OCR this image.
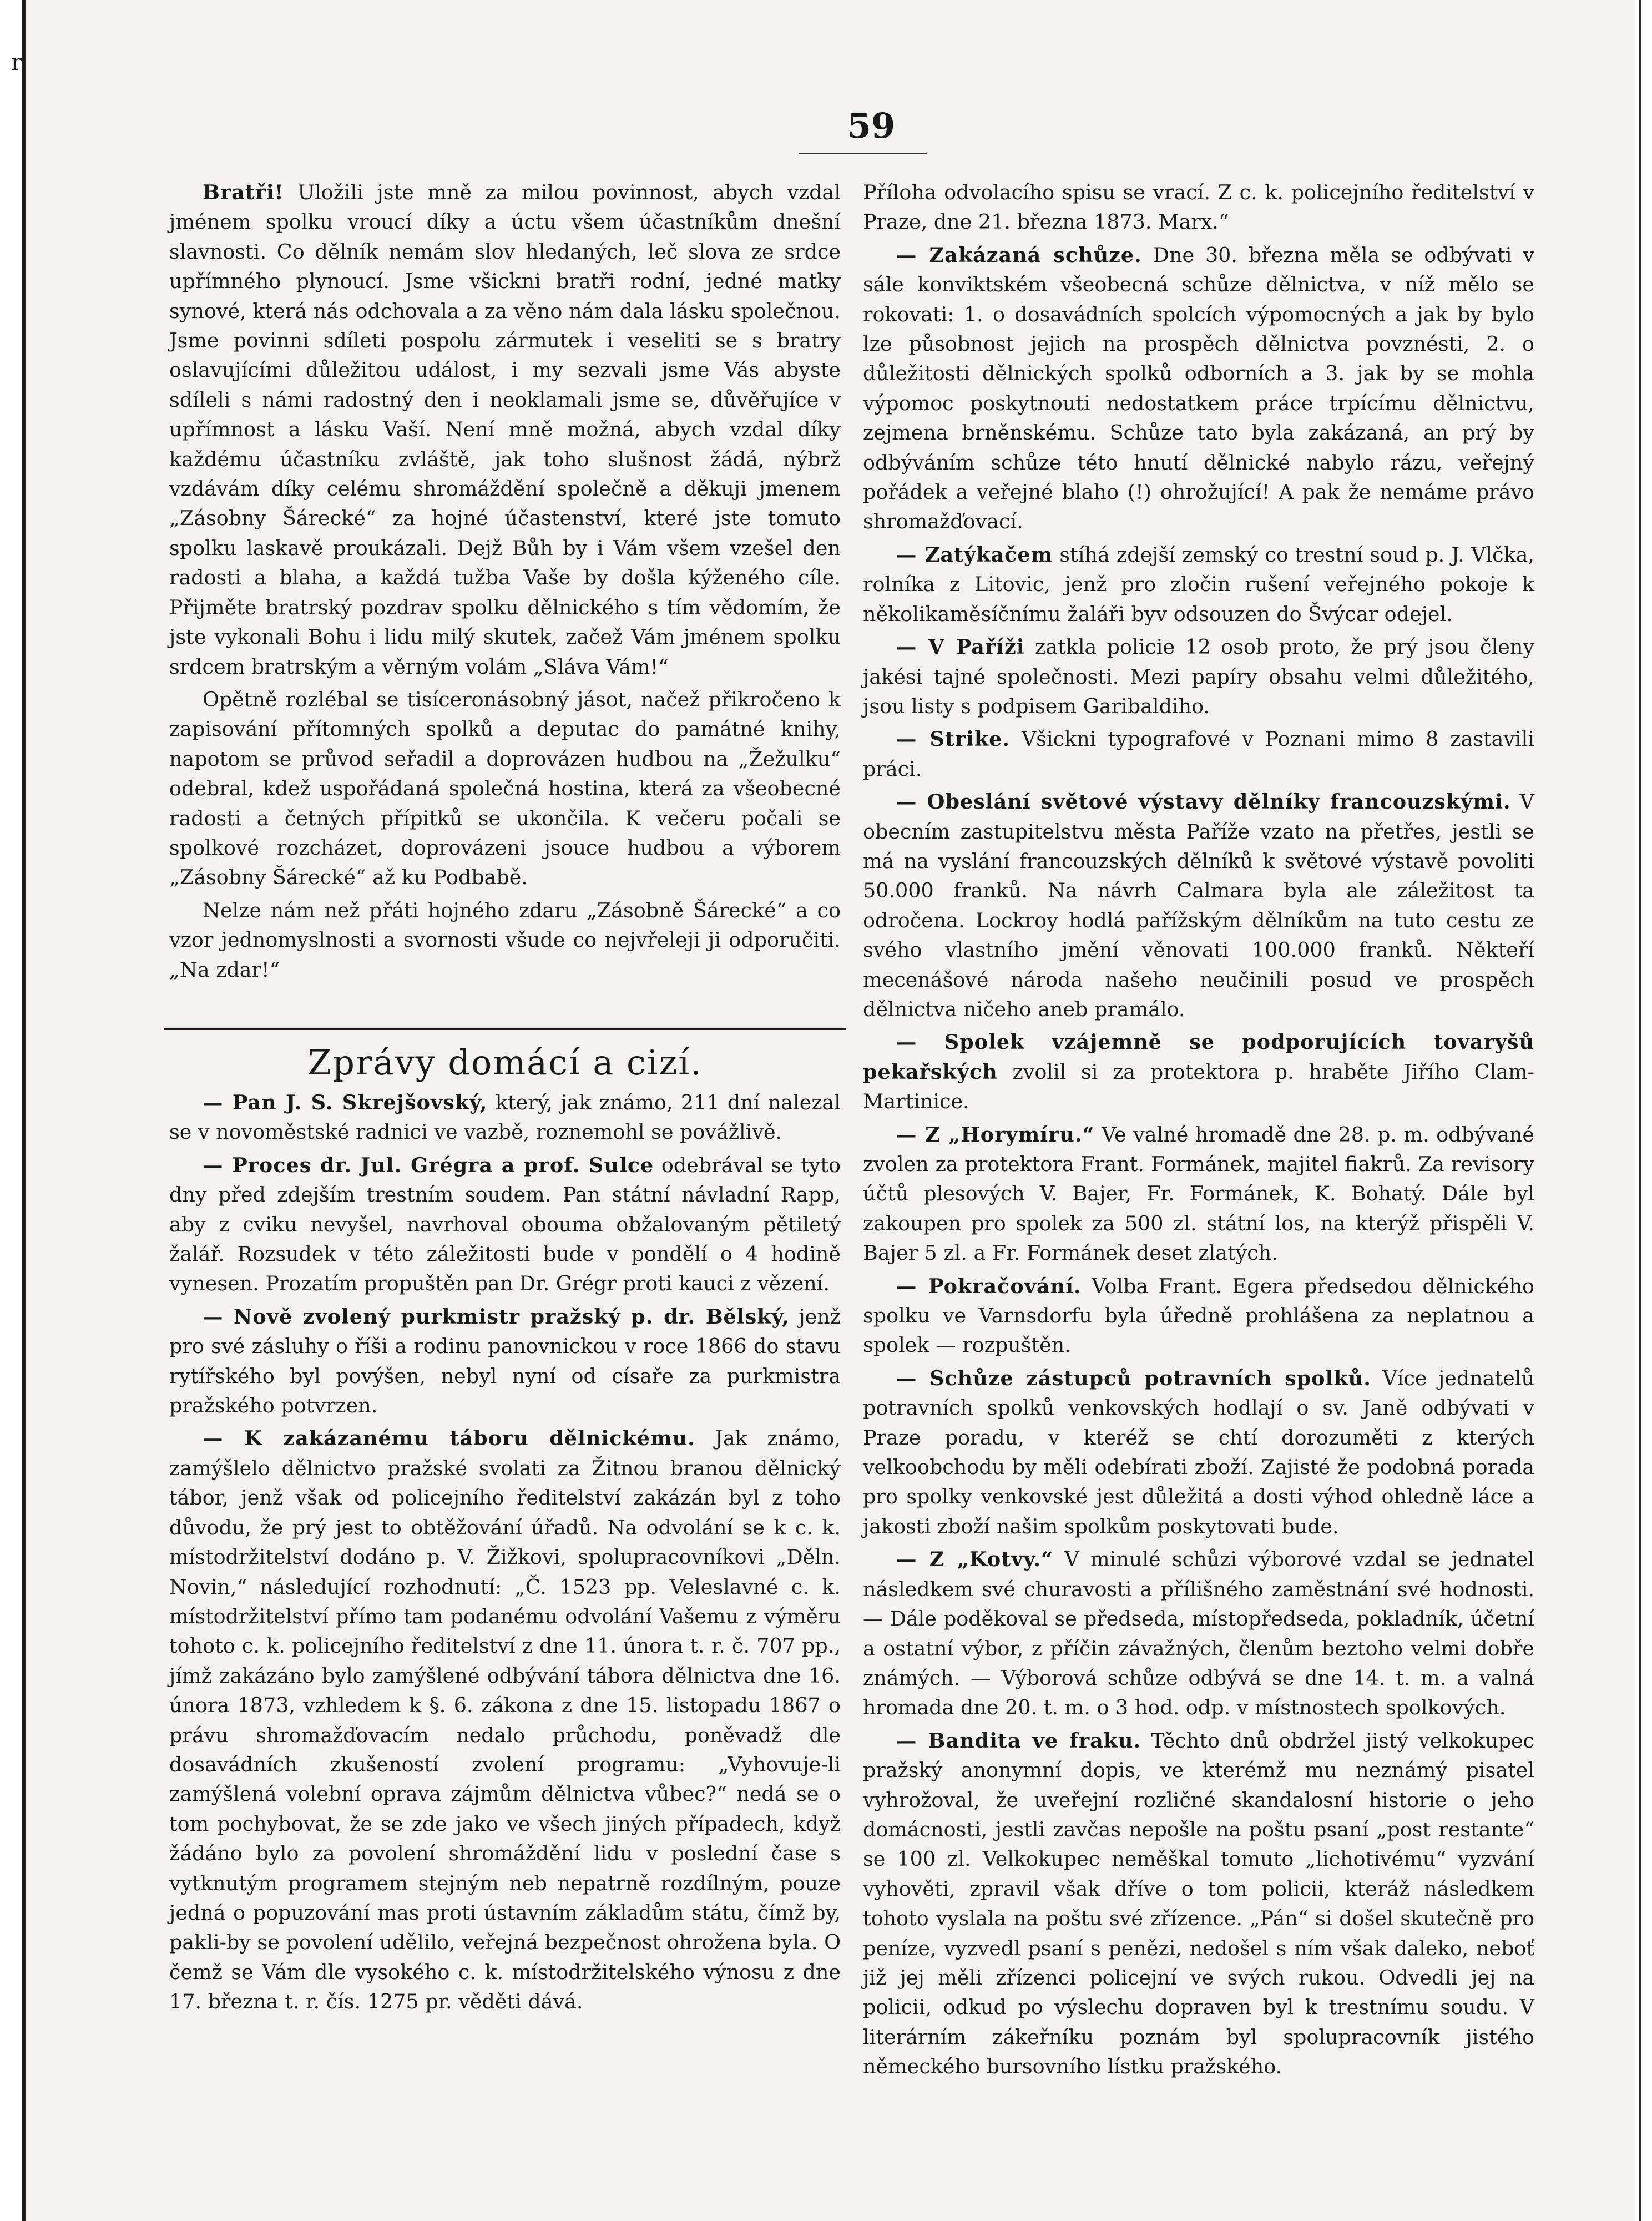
r
59

Bratři! Uložili jste mně za milou povinnost, abych vzdal jménem spolku vroucí díky a úctu všem účastníkům dnešní slavnosti. Co dělník nemám slov hledaných, leč slova ze srdce upřímného plynoucí. Jsme všickni bratři rodní, jedné matky synové, která nás odchovala a za věno nám dala lásku společnou. Jsme povinni sdíleti pospolu zármutek i veseliti se s bratry oslavujícími důležitou událost, i my sezvali jsme Vás abyste sdíleli s námi radostný den i neoklamali jsme se, důvěřujíce v upřímnost a lásku Vaší. Není mně možná, abych vzdal díky každému účastníku zvláště, jak toho slušnost žádá, nýbrž vzdávám díky celému shromáždění společně a děkuji jmenem „Zásobny Šárecké“ za hojné účastenství, které jste tomuto spolku laskavě proukázali. Dejž Bůh by i Vám všem vzešel den radosti a blaha, a každá tužba Vaše by došla kýženého cíle. Přijměte bratrský pozdrav spolku dělnického s tím vědomím, že jste vykonali Bohu i lidu milý skutek, začež Vám jménem spolku srdcem bratrským a věrným volám „Sláva Vám!“

Opětně rozlébal se tisíceronásobný jásot, načež přikročeno k zapisování přítomných spolků a deputac do památné knihy, napotom se průvod seřadil a doprovázen hudbou na „Žežulku“ odebral, kdež uspořádaná společná hostina, která za všeobecné radosti a četných přípitků se ukončila. K večeru počali se spolkové rozcházet, doprovázeni jsouce hudbou a výborem „Zásobny Šárecké“ až ku Podbabě.

Nelze nám než přáti hojného zdaru „Zásobně Šárecké“ a co vzor jednomyslnosti a svornosti všude co nejvřeleji ji odporučiti. „Na zdar!“

Zprávy domácí a cizí.

— Pan J. S. Skrejšovský, který, jak známo, 211 dní nalezal se v novoměstské radnici ve vazbě, roznemohl se povážlivě.

— Proces dr. Jul. Grégra a prof. Sulce odebrával se tyto dny před zdejším trestním soudem. Pan státní návladní Rapp, aby z cviku nevyšel, navrhoval obouma obžalovaným pětiletý žalář. Rozsudek v této záležitosti bude v pondělí o 4 hodině vynesen. Prozatím propuštěn pan Dr. Grégr proti kauci z vězení.

— Nově zvolený purkmistr pražský p. dr. Bělský, jenž pro své zásluhy o říši a rodinu panovnickou v roce 1866 do stavu rytířského byl povýšen, nebyl nyní od císaře za purkmistra pražského potvrzen.

— K zakázanému táboru dělnickému. Jak známo, zamýšlelo dělnictvo pražské svolati za Žitnou branou dělnický tábor, jenž však od policejního ředitelství zakázán byl z toho důvodu, že prý jest to obtěžování úřadů. Na odvolání se k c. k. místodržitelství dodáno p. V. Žižkovi, spolupracovníkovi „Děln. Novin,“ následující rozhodnutí: „Č. 1523 pp. Veleslavné c. k. místodržitelství přímo tam podanému odvolání Vašemu z výměru tohoto c. k. policejního ředitelství z dne 11. února t. r. č. 707 pp., jímž zakázáno bylo zamýšlené odbývání tábora dělnictva dne 16. února 1873, vzhledem k §. 6. zákona z dne 15. listopadu 1867 o právu shromažďovacím nedalo průchodu, poněvadž dle dosavádních zkušeností zvolení programu: „Vyhovuje-li zamýšlená volební oprava zájmům dělnictva vůbec?“ nedá se o tom pochybovat, že se zde jako ve všech jiných případech, když žádáno bylo za povolení shromáždění lidu v poslední čase s vytknutým programem stejným neb nepatrně rozdílným, pouze jedná o popuzování mas proti ústavním základům státu, čímž by, pakli-by se povolení udělilo, veřejná bezpečnost ohrožena byla. O čemž se Vám dle vysokého c. k. místodržitelského výnosu z dne 17. března t. r. čís. 1275 pr. věděti dává.

Příloha odvolacího spisu se vrací. Z c. k. policejního ředitelství v Praze, dne 21. března 1873. Marx.“

— Zakázaná schůze. Dne 30. března měla se odbývati v sále konviktském všeobecná schůze dělnictva, v níž mělo se rokovati: 1. o dosavádních spolcích výpomocných a jak by bylo lze působnost jejich na prospěch dělnictva povznésti, 2. o důležitosti dělnických spolků odborních a 3. jak by se mohla výpomoc poskytnouti nedostatkem práce trpícímu dělnictvu, zejmena brněnskému. Schůze tato byla zakázaná, an prý by odbýváním schůze této hnutí dělnické nabylo rázu, veřejný pořádek a veřejné blaho (!) ohrožující! A pak že nemáme právo shromažďovací.

— Zatýkačem stíhá zdejší zemský co trestní soud p. J. Vlčka, rolníka z Litovic, jenž pro zločin rušení veřejného pokoje k několikaměsíčnímu žaláři byv odsouzen do Švýcar odejel.

— V Paříži zatkla policie 12 osob proto, že prý jsou členy jakési tajné společnosti. Mezi papíry obsahu velmi důležitého, jsou listy s podpisem Garibaldiho.

— Strike. Všickni typografové v Poznani mimo 8 zastavili práci.

— Obeslání světové výstavy dělníky francouzskými. V obecním zastupitelstvu města Paříže vzato na přetřes, jestli se má na vyslání francouzských dělníků k světové výstavě povoliti 50.000 franků. Na návrh Calmara byla ale záležitost ta odročena. Lockroy hodlá pařížským dělníkům na tuto cestu ze svého vlastního jmění věnovati 100.000 franků. Někteří mecenášové národa našeho neučinili posud ve prospěch dělnictva ničeho aneb pramálo.

— Spolek vzájemně se podporujících tovaryšů pekařských zvolil si za protektora p. hraběte Jiřího Clam-Martinice.

— Z „Horymíru.“ Ve valné hromadě dne 28. p. m. odbývané zvolen za protektora Frant. Formánek, majitel fiakrů. Za revisory účtů plesových V. Bajer, Fr. Formánek, K. Bohatý. Dále byl zakoupen pro spolek za 500 zl. státní los, na kterýž přispěli V. Bajer 5 zl. a Fr. Formánek deset zlatých.

— Pokračování. Volba Frant. Egera předsedou dělnického spolku ve Varnsdorfu byla úředně prohlášena za neplatnou a spolek — rozpuštěn.

— Schůze zástupců potravních spolků. Více jednatelů potravních spolků venkovských hodlají o sv. Janě odbývati v Praze poradu, v kteréž se chtí dorozuměti z kterých velkoobchodu by měli odebírati zboží. Zajisté že podobná porada pro spolky venkovské jest důležitá a dosti výhod ohledně láce a jakosti zboží našim spolkům poskytovati bude.

— Z „Kotvy.“ V minulé schůzi výborové vzdal se jednatel následkem své churavosti a přílišného zaměstnání své hodnosti. — Dále poděkoval se předseda, místopředseda, pokladník, účetní a ostatní výbor, z příčin závažných, členům beztoho velmi dobře známých. — Výborová schůze odbývá se dne 14. t. m. a valná hromada dne 20. t. m. o 3 hod. odp. v místnostech spolkových.

— Bandita ve fraku. Těchto dnů obdržel jistý velkokupec pražský anonymní dopis, ve kterémž mu neznámý pisatel vyhrožoval, že uveřejní rozličné skandalosní historie o jeho domácnosti, jestli zavčas nepošle na poštu psaní „post restante“ se 100 zl. Velkokupec neměškal tomuto „lichotivému“ vyzvání vyhověti, zpravil však dříve o tom policii, kteráž následkem tohoto vyslala na poštu své zřízence. „Pán“ si došel skutečně pro peníze, vyzvedl psaní s penězi, nedošel s ním však daleko, neboť již jej měli zřízenci policejní ve svých rukou. Odvedli jej na policii, odkud po výslechu dopraven byl k trestnímu soudu. V literárním zákeřníku poznám byl spolupracovník jistého německého bursovního lístku pražského.
